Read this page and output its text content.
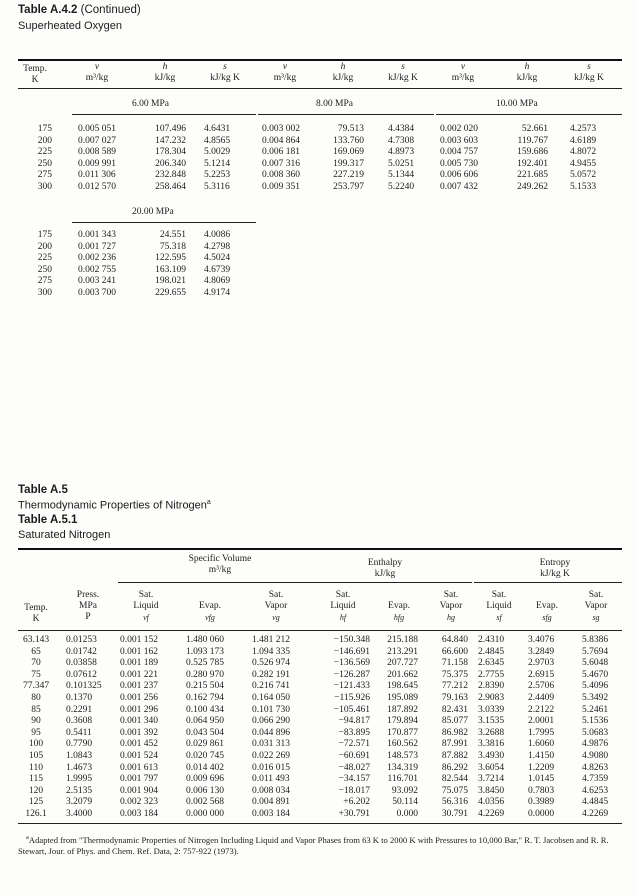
Table A.4.2 (Continued)
Superheated Oxygen
Temp.
K
v
m³/kg
h
kJ/kg
s
kJ/kg K
v
m³/kg
h
kJ/kg
s
kJ/kg K
v
m³/kg
h
kJ/kg
s
kJ/kg K
6.00 MPa	8.00 MPa	10.00 MPa
175
200
225
250
275
300
0.005 051
0.007 027
0.008 589
0.009 991
0.011 306
0.012 570
107.496
147.232
178.304
206.340
232.848
258.464
4.6431
4.8565
5.0029
5.1214
5.2253
5.3116
0.003 002
0.004 864
0.006 181
0.007 316
0.008 360
0.009 351
79.513
133.760
169.069
199.317
227.219
253.797
4.4384
4.7308
4.8973
5.0251
5.1344
5.2240
0.002 020
0.003 603
0.004 757
0.005 730
0.006 606
0.007 432
52.661
119.767
159.686
192.401
221.685
249.262
4.2573
4.6189
4.8072
4.9455
5.0572
5.1533
20.00 MPa
175
200
225
250
275
300
0.001 343
0.001 727
0.002 236
0.002 755
0.003 241
0.003 700
24.551
75.318
122.595
163.109
198.021
229.655
4.0086
4.2798
4.5024
4.6739
4.8069
4.9174
Table A.5
Thermodynamic Properties of Nitrogen$^a$
Table A.5.1
Saturated Nitrogen
Specific Volume
m³/kg
Enthalpy
kJ/kg
Entropy
kJ/kg K
Temp.
K
Press.
MPa
P
Sat.
Liquid
vf
Evap.
vfg
Sat.
Vapor
vg
Sat.
Liquid
hf
Evap.
hfg
Sat.
Vapor
hg
Sat.
Liquid
sf
Evap.
sfg
Sat.
Vapor
sg
63.143
65
70
75
77.347
80
85
90
95
100
105
110
115
120
125
126.1
0.01253
0.01742
0.03858
0.07612
0.101325
0.1370
0.2291
0.3608
0.5411
0.7790
1.0843
1.4673
1.9995
2.5135
3.2079
3.4000
0.001 152
0.001 162
0.001 189
0.001 221
0.001 237
0.001 256
0.001 296
0.001 340
0.001 392
0.001 452
0.001 524
0.001 613
0.001 797
0.001 904
0.002 323
0.003 184
1.480 060
1.093 173
0.525 785
0.280 970
0.215 504
0.162 794
0.100 434
0.064 950
0.043 504
0.029 861
0.020 745
0.014 402
0.009 696
0.006 130
0.002 568
0.000 000
1.481 212
1.094 335
0.526 974
0.282 191
0.216 741
0.164 050
0.101 730
0.066 290
0.044 896
0.031 313
0.022 269
0.016 015
0.011 493
0.008 034
0.004 891
0.003 184
−150.348
−146.691
−136.569
−126.287
−121.433
−115.926
−105.461
−94.817
−83.895
−72.571
−60.691
−48.027
−34.157
−18.017
+6.202
+30.791
215.188
213.291
207.727
201.662
198.645
195.089
187.892
179.894
170.877
160.562
148.573
134.319
116.701
93.092
50.114
0.000
64.840
66.600
71.158
75.375
77.212
79.163
82.431
85.077
86.982
87.991
87.882
86.292
82.544
75.075
56.316
30.791
2.4310
2.4845
2.6345
2.7755
2.8390
2.9083
3.0339
3.1535
3.2688
3.3816
3.4930
3.6054
3.7214
3.8450
4.0356
4.2269
3.4076
3.2849
2.9703
2.6915
2.5706
2.4409
2.2122
2.0001
1.7995
1.6060
1.4150
1.2209
1.0145
0.7803
0.3989
0.0000
5.8386
5.7694
5.6048
5.4670
5.4096
5.3492
5.2461
5.1536
5.0683
4.9876
4.9080
4.8263
4.7359
4.6253
4.4845
4.2269
$^a$Adapted from "Thermodynamic Properties of Nitrogen Including Liquid and Vapor Phases from 63 K to 2000 K with Pressures to 10,000 Bar," R. T. Jacobsen and R. R. Stewart, Jour. of Phys. and Chem. Ref. Data, 2: 757-922 (1973).
